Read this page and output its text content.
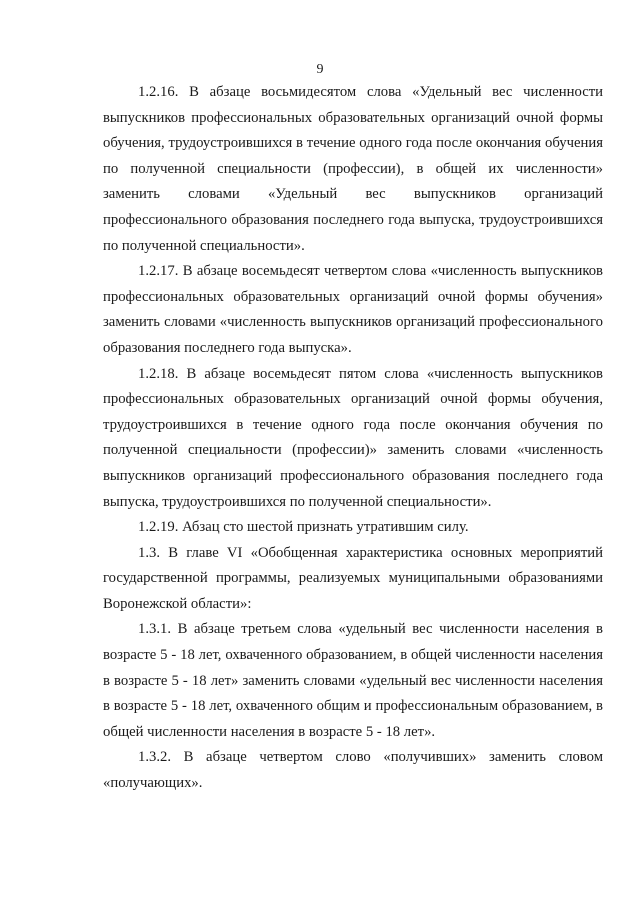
9

1.2.16. В абзаце восьмидесятом слова «Удельный вес численности выпускников профессиональных образовательных организаций очной формы обучения, трудоустроившихся в течение одного года после окончания обучения по полученной специальности (профессии), в общей их численности» заменить словами «Удельный вес выпускников организаций профессионального образования последнего года выпуска, трудоустроившихся по полученной специальности».

1.2.17. В абзаце восемьдесят четвертом слова «численность выпускников профессиональных образовательных организаций очной формы обучения» заменить словами «численность выпускников организаций профессионального образования последнего года выпуска».

1.2.18. В абзаце восемьдесят пятом слова «численность выпускников профессиональных образовательных организаций очной формы обучения, трудоустроившихся в течение одного года после окончания обучения по полученной специальности (профессии)» заменить словами «численность выпускников организаций профессионального образования последнего года выпуска, трудоустроившихся по полученной специальности».

1.2.19. Абзац сто шестой признать утратившим силу.

1.3. В главе VI «Обобщенная характеристика основных мероприятий государственной программы, реализуемых муниципальными образованиями Воронежской области»:

1.3.1. В абзаце третьем слова «удельный вес численности населения в возрасте 5 - 18 лет, охваченного образованием, в общей численности населения в возрасте 5 - 18 лет» заменить словами «удельный вес численности населения в возрасте 5 - 18 лет, охваченного общим и профессиональным образованием, в общей численности населения в возрасте 5 - 18 лет».

1.3.2. В абзаце четвертом слово «получивших» заменить словом «получающих».
